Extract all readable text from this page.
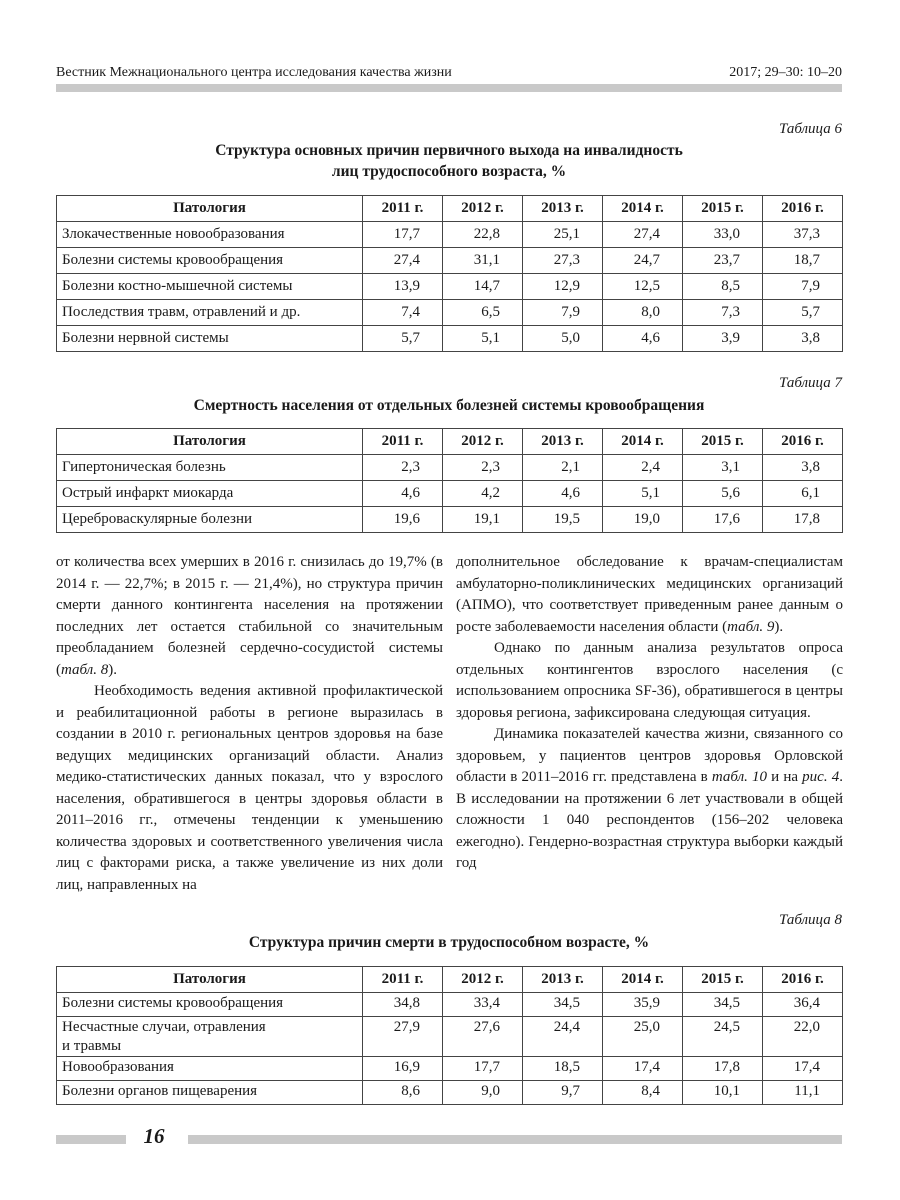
Вестник Межнационального центра исследования качества жизни	2017; 29–30: 10–20
Таблица 6
Структура основных причин первичного выхода на инвалидность
лиц трудоспособного возраста, %
Патология	2011 г.	2012 г.	2013 г.	2014 г.	2015 г.	2016 г.
Злокачественные новообразования	17,7	22,8	25,1	27,4	33,0	37,3
Болезни системы кровообращения	27,4	31,1	27,3	24,7	23,7	18,7
Болезни костно-мышечной системы	13,9	14,7	12,9	12,5	8,5	7,9
Последствия травм, отравлений и др.	7,4	6,5	7,9	8,0	7,3	5,7
Болезни нервной системы	5,7	5,1	5,0	4,6	3,9	3,8
Таблица 7
Смертность населения от отдельных болезней системы кровообращения
Патология	2011 г.	2012 г.	2013 г.	2014 г.	2015 г.	2016 г.
Гипертоническая болезнь	2,3	2,3	2,1	2,4	3,1	3,8
Острый инфаркт миокарда	4,6	4,2	4,6	5,1	5,6	6,1
Цереброваскулярные болезни	19,6	19,1	19,5	19,0	17,6	17,8

от количества всех умерших в 2016 г. снизилась до 19,7% (в 2014 г. — 22,7%; в 2015 г. — 21,4%), но структура причин смерти данного контингента населения на протяжении последних лет остается стабильной со значительным преобладанием болезней сердечно-сосудистой системы (табл. 8).

Необходимость ведения активной профилактической и реабилитационной работы в регионе выразилась в создании в 2010 г. региональных центров здоровья на базе ведущих медицинских организаций области. Анализ медико-статистических данных показал, что у взрослого населения, обратившегося в центры здоровья области в 2011–2016 гг., отмечены тенденции к уменьшению количества здоровых и соответственного увеличения числа лиц с факторами риска, а также увеличение из них доли лиц, направленных на

дополнительное обследование к врачам-специалистам амбулаторно-поликлинических медицинских организаций (АПМО), что соответствует приведенным ранее данным о росте заболеваемости населения области (табл. 9).

Однако по данным анализа результатов опроса отдельных контингентов взрослого населения (с использованием опросника SF-36), обратившегося в центры здоровья региона, зафиксирована следующая ситуация.

Динамика показателей качества жизни, связанного со здоровьем, у пациентов центров здоровья Орловской области в 2011–2016 гг. представлена в табл. 10 и на рис. 4. В исследовании на протяжении 6 лет участвовали в общей сложности 1 040 респондентов (156–202 человека ежегодно). Гендерно-возрастная структура выборки каждый год

Таблица 8
Структура причин смерти в трудоспособном возрасте, %
Патология	2011 г.	2012 г.	2013 г.	2014 г.	2015 г.	2016 г.
Болезни системы кровообращения	34,8	33,4	34,5	35,9	34,5	36,4
Несчастные случаи, отравления
и травмы	27,9	27,6	24,4	25,0	24,5	22,0
Новообразования	16,9	17,7	18,5	17,4	17,8	17,4
Болезни органов пищеварения	8,6	9,0	9,7	8,4	10,1	11,1
16
